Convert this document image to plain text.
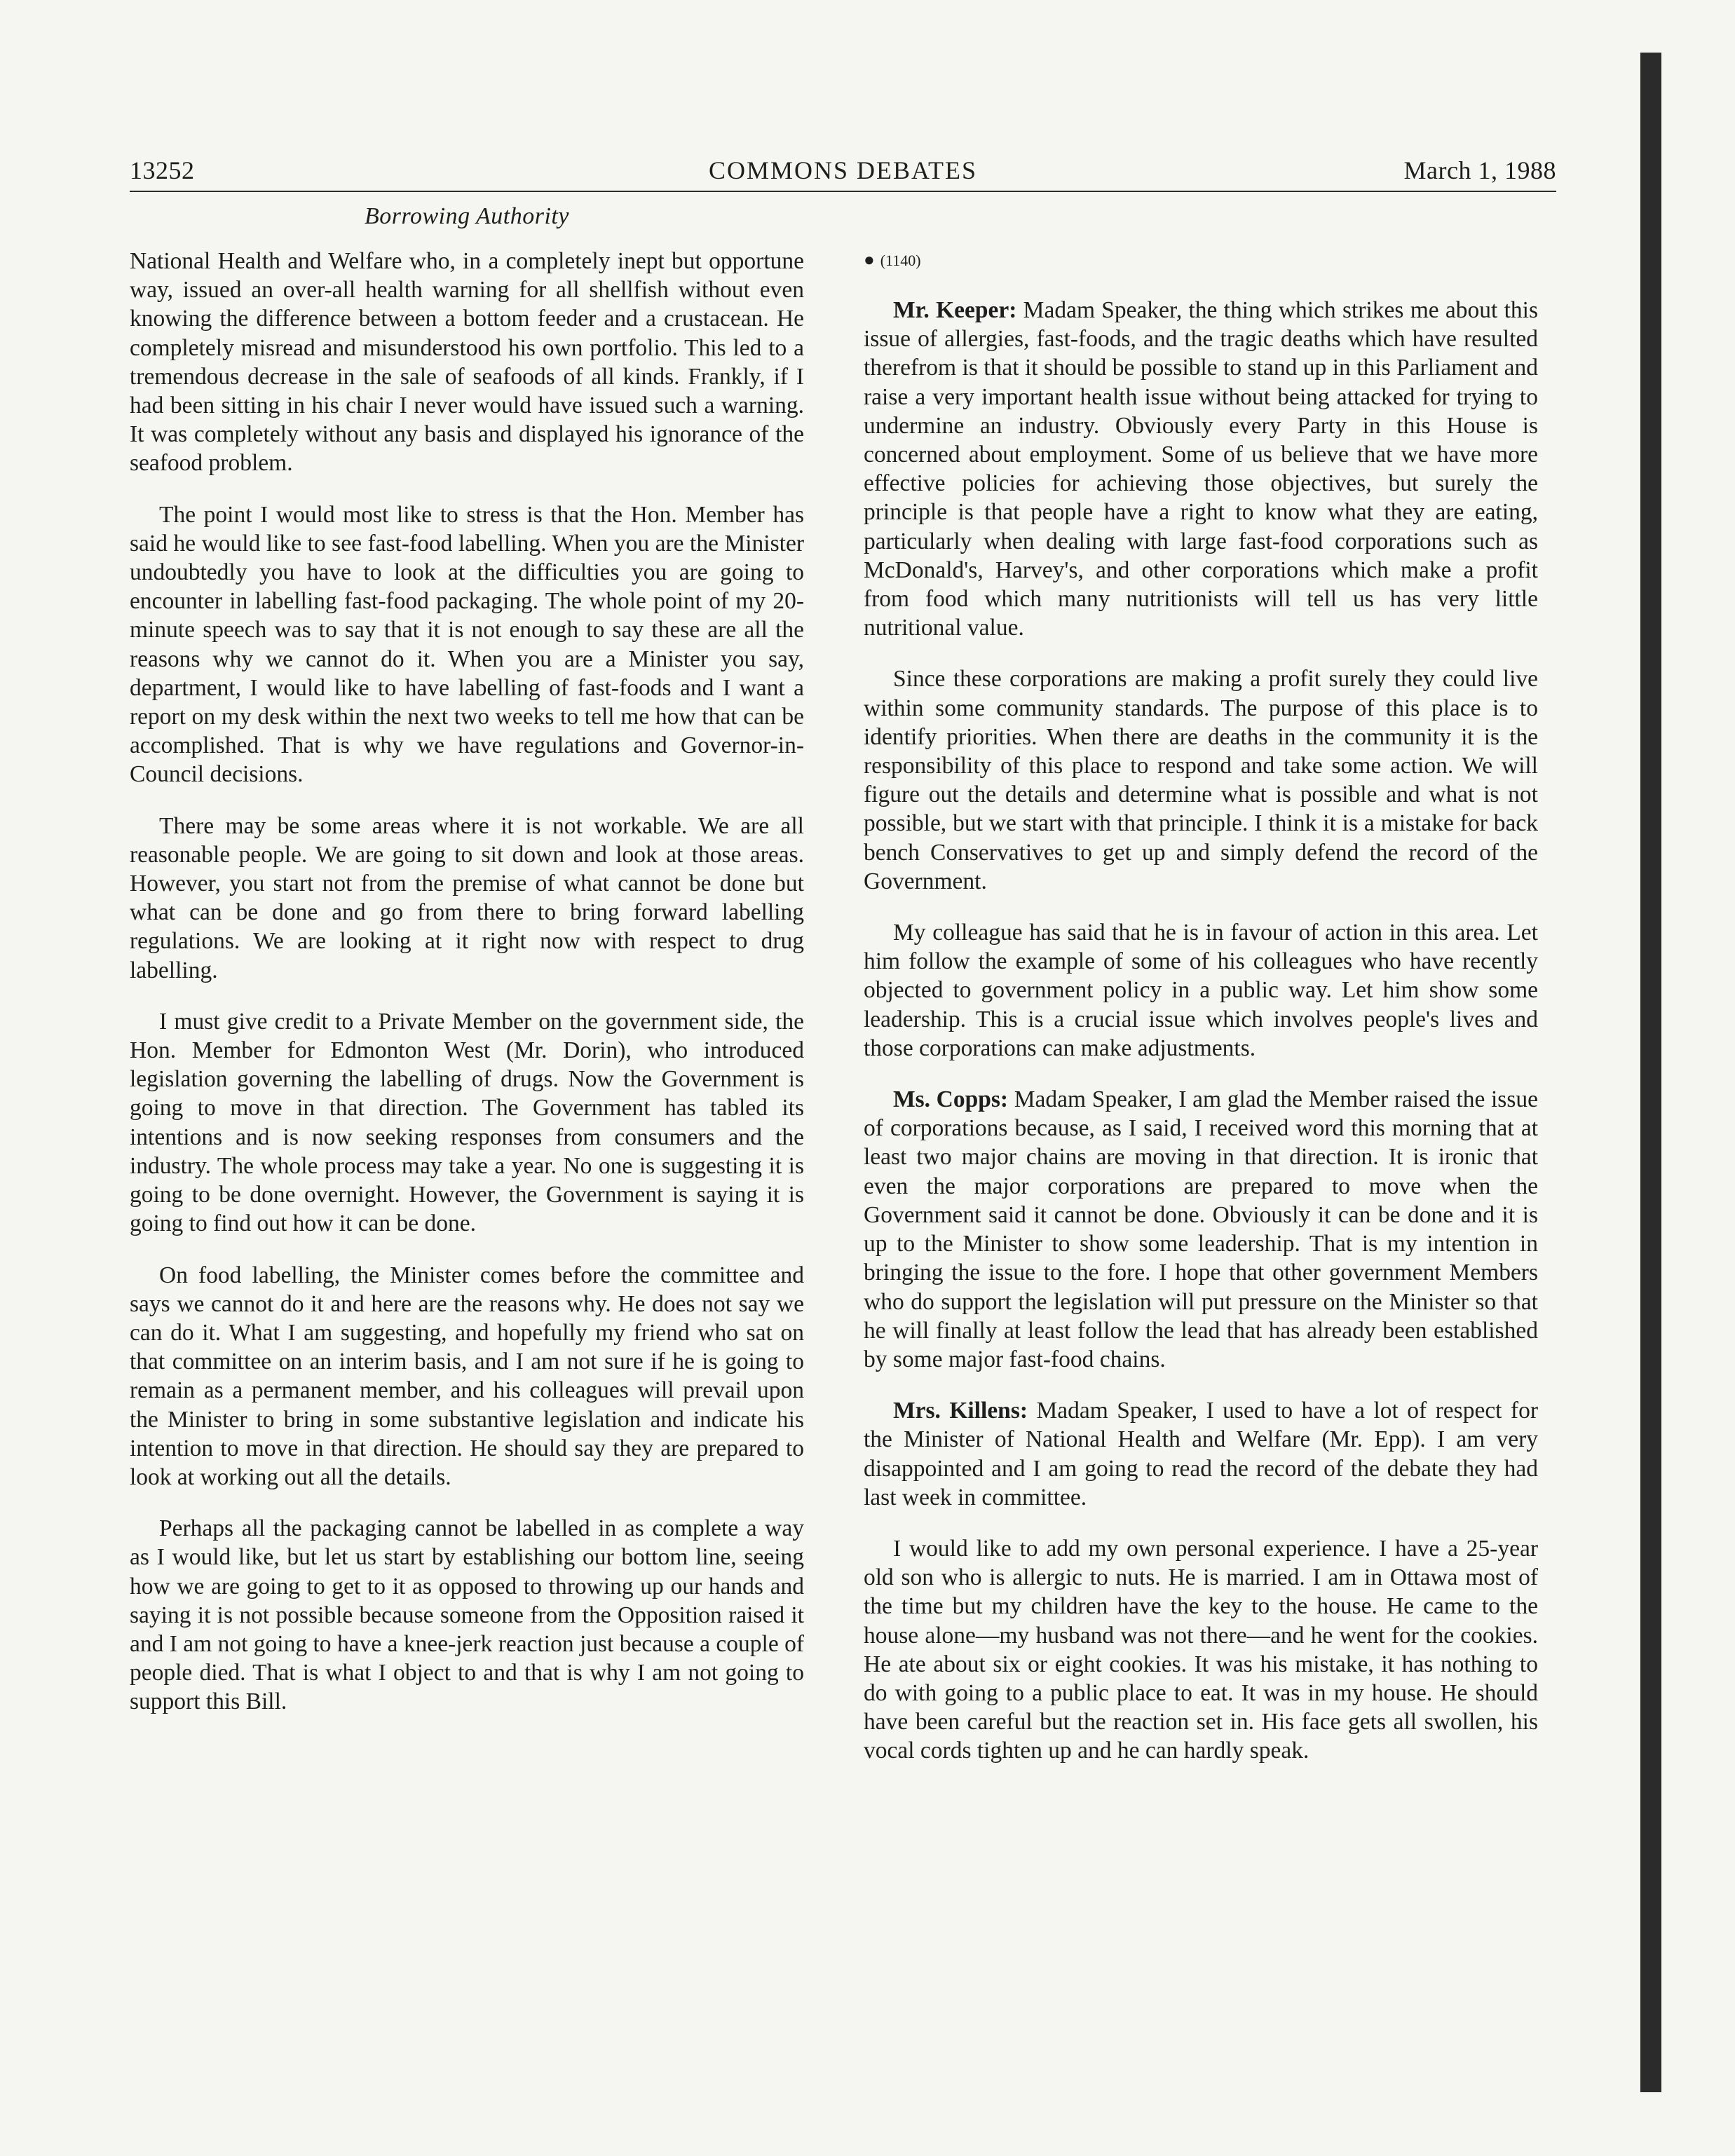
13252	COMMONS DEBATES	March 1, 1988
Borrowing Authority

National Health and Welfare who, in a completely inept but opportune way, issued an over-all health warning for all shellfish without even knowing the difference between a bottom feeder and a crustacean. He completely misread and misunderstood his own portfolio. This led to a tremendous decrease in the sale of seafoods of all kinds. Frankly, if I had been sitting in his chair I never would have issued such a warning. It was completely without any basis and displayed his ignorance of the seafood problem.

The point I would most like to stress is that the Hon. Member has said he would like to see fast-food labelling. When you are the Minister undoubtedly you have to look at the difficulties you are going to encounter in labelling fast-food packaging. The whole point of my 20-minute speech was to say that it is not enough to say these are all the reasons why we cannot do it. When you are a Minister you say, department, I would like to have labelling of fast-foods and I want a report on my desk within the next two weeks to tell me how that can be accomplished. That is why we have regulations and Governor-in-Council decisions.

There may be some areas where it is not workable. We are all reasonable people. We are going to sit down and look at those areas. However, you start not from the premise of what cannot be done but what can be done and go from there to bring forward labelling regulations. We are looking at it right now with respect to drug labelling.

I must give credit to a Private Member on the government side, the Hon. Member for Edmonton West (Mr. Dorin), who introduced legislation governing the labelling of drugs. Now the Government is going to move in that direction. The Government has tabled its intentions and is now seeking responses from consumers and the industry. The whole process may take a year. No one is suggesting it is going to be done overnight. However, the Government is saying it is going to find out how it can be done.

On food labelling, the Minister comes before the committee and says we cannot do it and here are the reasons why. He does not say we can do it. What I am suggesting, and hopefully my friend who sat on that committee on an interim basis, and I am not sure if he is going to remain as a permanent member, and his colleagues will prevail upon the Minister to bring in some substantive legislation and indicate his intention to move in that direction. He should say they are prepared to look at working out all the details.

Perhaps all the packaging cannot be labelled in as complete a way as I would like, but let us start by establishing our bottom line, seeing how we are going to get to it as opposed to throwing up our hands and saying it is not possible because someone from the Opposition raised it and I am not going to have a knee-jerk reaction just because a couple of people died. That is what I object to and that is why I am not going to support this Bill.

● (1140)

Mr. Keeper: Madam Speaker, the thing which strikes me about this issue of allergies, fast-foods, and the tragic deaths which have resulted therefrom is that it should be possible to stand up in this Parliament and raise a very important health issue without being attacked for trying to undermine an industry. Obviously every Party in this House is concerned about employment. Some of us believe that we have more effective policies for achieving those objectives, but surely the principle is that people have a right to know what they are eating, particularly when dealing with large fast-food corporations such as McDonald's, Harvey's, and other corporations which make a profit from food which many nutritionists will tell us has very little nutritional value.

Since these corporations are making a profit surely they could live within some community standards. The purpose of this place is to identify priorities. When there are deaths in the community it is the responsibility of this place to respond and take some action. We will figure out the details and determine what is possible and what is not possible, but we start with that principle. I think it is a mistake for back bench Conservatives to get up and simply defend the record of the Government.

My colleague has said that he is in favour of action in this area. Let him follow the example of some of his colleagues who have recently objected to government policy in a public way. Let him show some leadership. This is a crucial issue which involves people's lives and those corporations can make adjustments.

Ms. Copps: Madam Speaker, I am glad the Member raised the issue of corporations because, as I said, I received word this morning that at least two major chains are moving in that direction. It is ironic that even the major corporations are prepared to move when the Government said it cannot be done. Obviously it can be done and it is up to the Minister to show some leadership. That is my intention in bringing the issue to the fore. I hope that other government Members who do support the legislation will put pressure on the Minister so that he will finally at least follow the lead that has already been established by some major fast-food chains.

Mrs. Killens: Madam Speaker, I used to have a lot of respect for the Minister of National Health and Welfare (Mr. Epp). I am very disappointed and I am going to read the record of the debate they had last week in committee.

I would like to add my own personal experience. I have a 25-year old son who is allergic to nuts. He is married. I am in Ottawa most of the time but my children have the key to the house. He came to the house alone—my husband was not there—and he went for the cookies. He ate about six or eight cookies. It was his mistake, it has nothing to do with going to a public place to eat. It was in my house. He should have been careful but the reaction set in. His face gets all swollen, his vocal cords tighten up and he can hardly speak.
